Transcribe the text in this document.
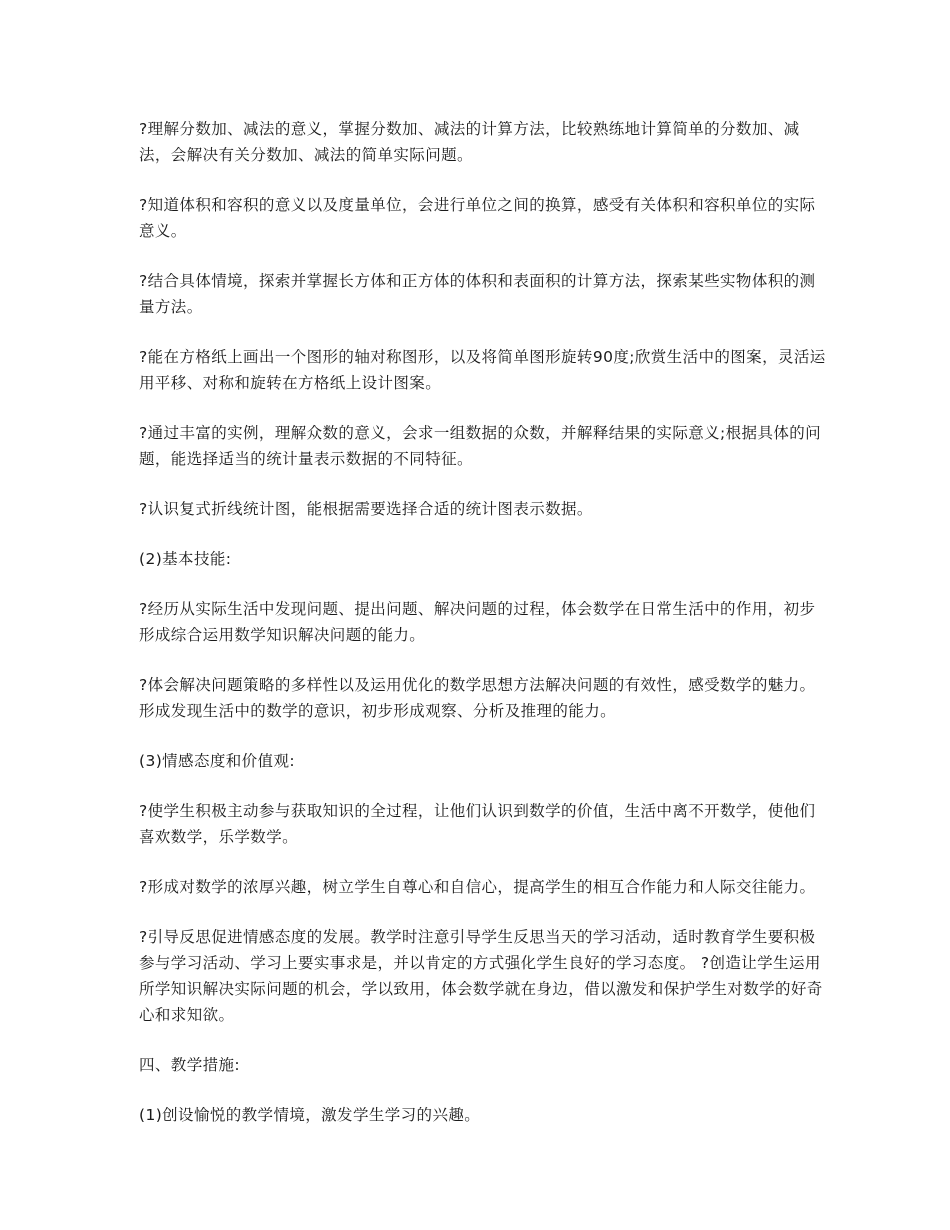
?理解分数加、减法的意义，掌握分数加、减法的计算方法，比较熟练地计算简单的分数加、减法，会解决有关分数加、减法的简单实际问题。

?知道体积和容积的意义以及度量单位，会进行单位之间的换算，感受有关体积和容积单位的实际意义。

?结合具体情境，探索并掌握长方体和正方体的体积和表面积的计算方法，探索某些实物体积的测量方法。

?能在方格纸上画出一个图形的轴对称图形，以及将简单图形旋转90度;欣赏生活中的图案，灵活运用平移、对称和旋转在方格纸上设计图案。

?通过丰富的实例，理解众数的意义，会求一组数据的众数，并解释结果的实际意义;根据具体的问题，能选择适当的统计量表示数据的不同特征。

?认识复式折线统计图，能根据需要选择合适的统计图表示数据。

(2)基本技能:

?经历从实际生活中发现问题、提出问题、解决问题的过程，体会数学在日常生活中的作用，初步形成综合运用数学知识解决问题的能力。

?体会解决问题策略的多样性以及运用优化的数学思想方法解决问题的有效性，感受数学的魅力。形成发现生活中的数学的意识，初步形成观察、分析及推理的能力。

(3)情感态度和价值观:

?使学生积极主动参与获取知识的全过程，让他们认识到数学的价值，生活中离不开数学，使他们喜欢数学，乐学数学。

?形成对数学的浓厚兴趣，树立学生自尊心和自信心，提高学生的相互合作能力和人际交往能力。

?引导反思促进情感态度的发展。教学时注意引导学生反思当天的学习活动，适时教育学生要积极参与学习活动、学习上要实事求是，并以肯定的方式强化学生良好的学习态度。 ?创造让学生运用所学知识解决实际问题的机会，学以致用，体会数学就在身边，借以激发和保护学生对数学的好奇心和求知欲。

四、教学措施:

(1)创设愉悦的教学情境，激发学生学习的兴趣。
